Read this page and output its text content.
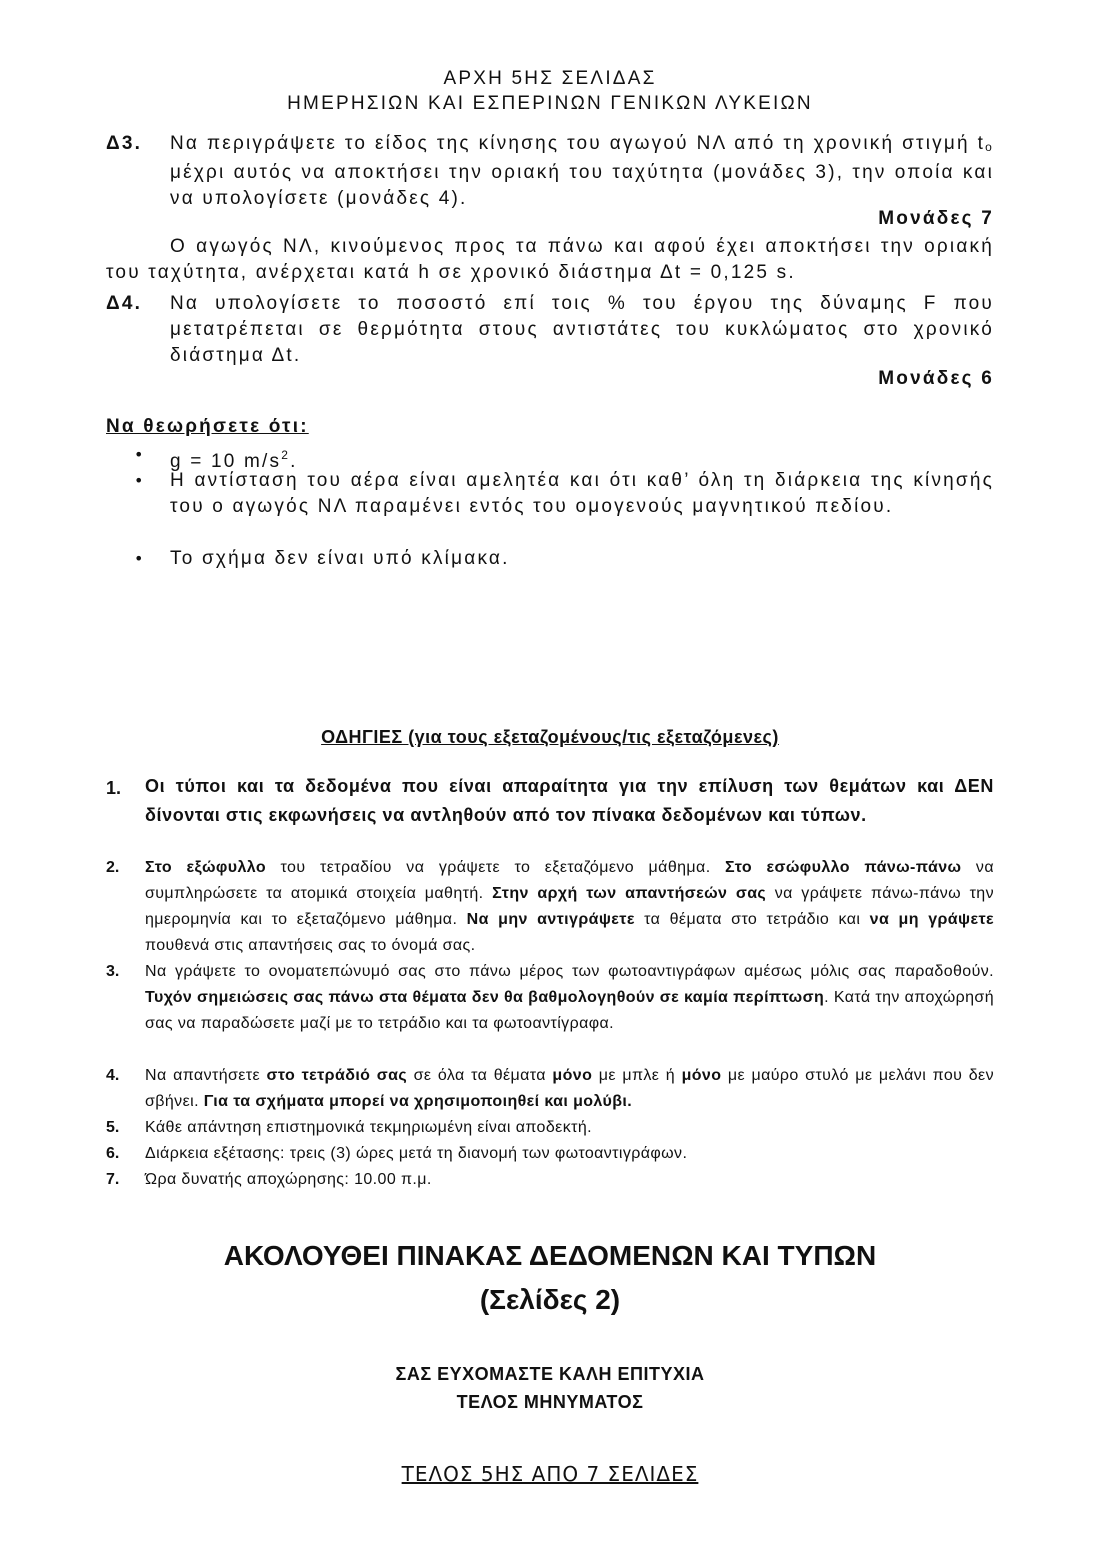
ΑΡΧΗ 5ΗΣ ΣΕΛΙΔΑΣ
ΗΜΕΡΗΣΙΩΝ ΚΑΙ ΕΣΠΕΡΙΝΩΝ ΓΕΝΙΚΩΝ ΛΥΚΕΙΩΝ
Δ3. Να περιγράψετε το είδος της κίνησης του αγωγού ΝΛ από τη χρονική στιγμή to μέχρι αυτός να αποκτήσει την οριακή του ταχύτητα (μονάδες 3), την οποία και να υπολογίσετε (μονάδες 4).
Μονάδες 7
Ο αγωγός ΝΛ, κινούμενος προς τα πάνω και αφού έχει αποκτήσει την οριακή του ταχύτητα, ανέρχεται κατά h σε χρονικό διάστημα Δt = 0,125 s.
Δ4. Να υπολογίσετε το ποσοστό επί τοις % του έργου της δύναμης F που μετατρέπεται σε θερμότητα στους αντιστάτες του κυκλώματος στο χρονικό διάστημα Δt.
Μονάδες 6
Να θεωρήσετε ότι:
• g = 10 $m/s^2$.
• Η αντίσταση του αέρα είναι αμελητέα και ότι καθ’ όλη τη διάρκεια της κίνησής του ο αγωγός ΝΛ παραμένει εντός του ομογενούς μαγνητικού πεδίου.
• Το σχήμα δεν είναι υπό κλίμακα.
ΟΔΗΓΙΕΣ (για τους εξεταζομένους/τις εξεταζόμενες)
1. Οι τύποι και τα δεδομένα που είναι απαραίτητα για την επίλυση των θεμάτων και ΔΕΝ δίνονται στις εκφωνήσεις να αντληθούν από τον πίνακα δεδομένων και τύπων.
2. Στο εξώφυλλο του τετραδίου να γράψετε το εξεταζόμενο μάθημα. Στο εσώφυλλο πάνω-πάνω να συμπληρώσετε τα ατομικά στοιχεία μαθητή. Στην αρχή των απαντήσεών σας να γράψετε πάνω-πάνω την ημερομηνία και το εξεταζόμενο μάθημα. Να μην αντιγράψετε τα θέματα στο τετράδιο και να μη γράψετε πουθενά στις απαντήσεις σας το όνομά σας.
3. Να γράψετε το ονοματεπώνυμό σας στο πάνω μέρος των φωτοαντιγράφων αμέσως μόλις σας παραδοθούν. Τυχόν σημειώσεις σας πάνω στα θέματα δεν θα βαθμολογηθούν σε καμία περίπτωση. Κατά την αποχώρησή σας να παραδώσετε μαζί με το τετράδιο και τα φωτοαντίγραφα.
4. Να απαντήσετε στο τετράδιό σας σε όλα τα θέματα μόνο με μπλε ή μόνο με μαύρο στυλό με μελάνι που δεν σβήνει. Για τα σχήματα μπορεί να χρησιμοποιηθεί και μολύβι.
5. Κάθε απάντηση επιστημονικά τεκμηριωμένη είναι αποδεκτή.
6. Διάρκεια εξέτασης: τρεις (3) ώρες μετά τη διανομή των φωτοαντιγράφων.
7. Ώρα δυνατής αποχώρησης: 10.00 π.μ.
ΑΚΟΛΟΥΘΕΙ ΠΙΝΑΚΑΣ ΔΕΔΟΜΕΝΩΝ ΚΑΙ ΤΥΠΩΝ
(Σελίδες 2)
ΣΑΣ ΕΥΧΟΜΑΣΤΕ ΚΑΛΗ ΕΠΙΤΥΧΙΑ
ΤΕΛΟΣ ΜΗΝΥΜΑΤΟΣ
ΤΕΛΟΣ 5ΗΣ ΑΠΟ 7 ΣΕΛΙΔΕΣ
